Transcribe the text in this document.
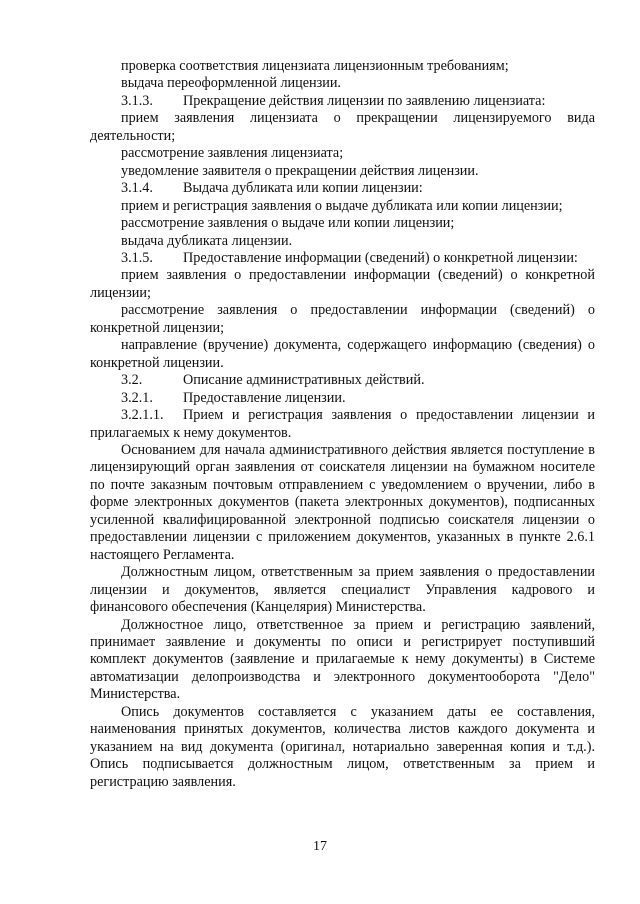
проверка соответствия лицензиата лицензионным требованиям;

выдача переоформленной лицензии.

3.1.3. Прекращение действия лицензии по заявлению лицензиата:

прием заявления лицензиата о прекращении лицензируемого вида деятельности;

рассмотрение заявления лицензиата;

уведомление заявителя о прекращении действия лицензии.

3.1.4. Выдача дубликата или копии лицензии:

прием и регистрация заявления о выдаче дубликата или копии лицензии;

рассмотрение заявления о выдаче или копии лицензии;

выдача дубликата лицензии.

3.1.5. Предоставление информации (сведений) о конкретной лицензии:

прием заявления о предоставлении информации (сведений) о конкретной лицензии;

рассмотрение заявления о предоставлении информации (сведений) о конкретной лицензии;

направление (вручение) документа, содержащего информацию (сведения) о конкретной лицензии.

3.2.	Описание административных действий.

3.2.1. Предоставление лицензии.

3.2.1.1. Прием и регистрация заявления о предоставлении лицензии и прилагаемых к нему документов.

Основанием для начала административного действия является поступление в лицензирующий орган заявления от соискателя лицензии на бумажном носителе по почте заказным почтовым отправлением с уведомлением о вручении, либо в форме электронных документов (пакета электронных документов), подписанных усиленной квалифицированной электронной подписью соискателя лицензии о предоставлении лицензии с приложением документов, указанных в пункте 2.6.1 настоящего Регламента.

Должностным лицом, ответственным за прием заявления о предоставлении лицензии и документов, является специалист Управления кадрового и финансового обеспечения (Канцелярия) Министерства.

Должностное лицо, ответственное за прием и регистрацию заявлений, принимает заявление и документы по описи и регистрирует поступивший комплект документов (заявление и прилагаемые к нему документы) в Системе автоматизации делопроизводства и электронного документооборота "Дело" Министерства.

Опись документов составляется с указанием даты ее составления, наименования принятых документов, количества листов каждого документа и указанием на вид документа (оригинал, нотариально заверенная копия и т.д.). Опись подписывается должностным лицом, ответственным за прием и регистрацию заявления.

17
